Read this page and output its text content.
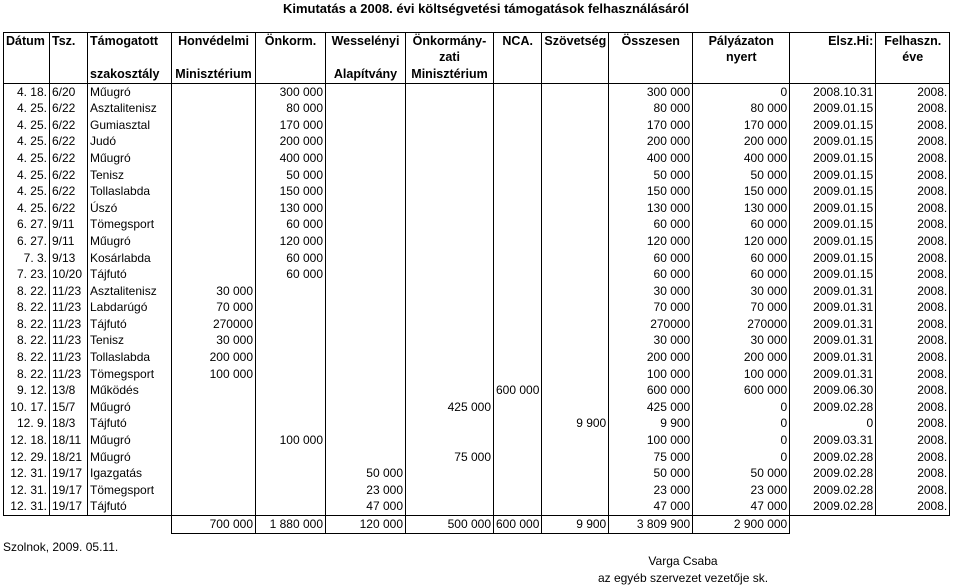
Kimutatás a 2008. évi költségvetési támogatások felhasználásáról
Dátum	Tsz.	Támogatott	Honvédelmi	Önkorm.	Wesselényi	Önkormány-	NCA.	Szövetség	Összesen	Pályázaton	Elsz.Hi:	Felhaszn.
						zati				nyert		éve
		szakosztály	Minisztérium		Alapítvány	Minisztérium						
4. 18.	6/20	Műugró		300 000					300 000	0	2008.10.31	2008.
4. 25.	6/22	Asztalitenisz		80 000					80 000	80 000	2009.01.15	2008.
4. 25.	6/22	Gumiasztal		170 000					170 000	170 000	2009.01.15	2008.
4. 25.	6/22	Judó		200 000					200 000	200 000	2009.01.15	2008.
4. 25.	6/22	Műugró		400 000					400 000	400 000	2009.01.15	2008.
4. 25.	6/22	Tenisz		50 000					50 000	50 000	2009.01.15	2008.
4. 25.	6/22	Tollaslabda		150 000					150 000	150 000	2009.01.15	2008.
4. 25.	6/22	Úszó		130 000					130 000	130 000	2009.01.15	2008.
6. 27.	9/11	Tömegsport		60 000					60 000	60 000	2009.01.15	2008.
6. 27.	9/11	Műugró		120 000					120 000	120 000	2009.01.15	2008.
7. 3.	9/13	Kosárlabda		60 000					60 000	60 000	2009.01.15	2008.
7. 23.	10/20	Tájfutó		60 000					60 000	60 000	2009.01.15	2008.
8. 22.	11/23	Asztalitenisz	30 000						30 000	30 000	2009.01.31	2008.
8. 22.	11/23	Labdarúgó	70 000						70 000	70 000	2009.01.31	2008.
8. 22.	11/23	Tájfutó	270000						270000	270000	2009.01.31	2008.
8. 22.	11/23	Tenisz	30 000						30 000	30 000	2009.01.31	2008.
8. 22.	11/23	Tollaslabda	200 000						200 000	200 000	2009.01.31	2008.
8. 22.	11/23	Tömegsport	100 000						100 000	100 000	2009.01.31	2008.
9. 12.	13/8	Működés					600 000		600 000	600 000	2009.06.30	2008.
10. 17.	15/7	Műugró				425 000			425 000	0	2009.02.28	2008.
12. 9.	18/3	Tájfutó						9 900	9 900	0	0	2008.
12. 18.	18/11	Műugró		100 000					100 000	0	2009.03.31	2008.
12. 29.	18/21	Műugró				75 000			75 000	0	2009.02.28	2008.
12. 31.	19/17	Igazgatás			50 000				50 000	50 000	2009.02.28	2008.
12. 31.	19/17	Tömegsport			23 000				23 000	23 000	2009.02.28	2008.
12. 31.	19/17	Tájfutó			47 000				47 000	47 000	2009.02.28	2008.
			700 000	1 880 000	120 000	500 000	600 000	9 900	3 809 900	2 900 000		
Szolnok, 2009. 05.11.
Varga Csaba
az egyéb szervezet vezetője sk.
